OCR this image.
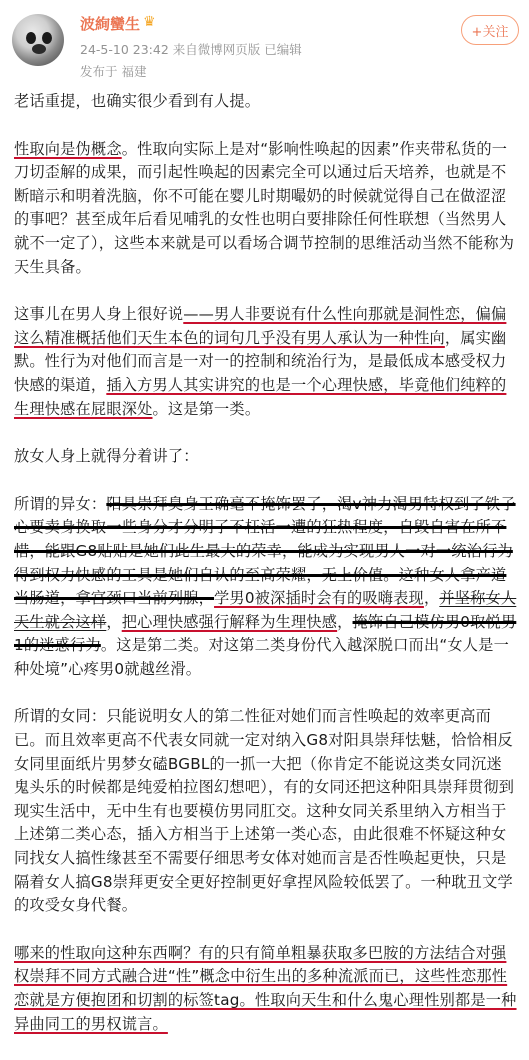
波絢蠻生 ♛
24-5-10 23:42 来自微博网页版 已编辑
发布于 福建
+关注

老话重提，也确实很少看到有人提。

性取向是伪概念。性取向实际上是对“影响性唤起的因素”作夹带私货的一刀切歪解的成果，而引起性唤起的因素完全可以通过后天培养，也就是不断暗示和明着洗脑，你不可能在婴儿时期嘬奶的时候就觉得自己在做涩涩的事吧？甚至成年后看见哺乳的女性也明白要排除任何性联想（当然男人就不一定了），这些本来就是可以看场合调节控制的思维活动当然不能称为天生具备。

这事儿在男人身上很好说——男人非要说有什么性向那就是洞性恋，偏偏这么精准概括他们天生本色的词句几乎没有男人承认为一种性向，属实幽默。性行为对他们而言是一对一的控制和统治行为，是最低成本感受权力快感的渠道，插入方男人其实讲究的也是一个心理快感，毕竟他们纯粹的生理快感在屁眼深处。这是第一类。

放女人身上就得分着讲了：

所谓的异女：阳具崇拜臭身王确毫不掩饰罢了，渴v神力渴男特权到了铁子心要卖身换取一些身分才分明了不枉活一遭的狂热程度，自毁自害在所不惜，能跟G8贴贴是她们此生最大的荣幸，能成为实现男人一对一统治行为得到权力快感的工具是她们自认的至高荣耀，无上价值。这种女人拿产道当肠道，拿宫颈口当前列腺，学男0被深插时会有的吸嗨表现，并坚称女人天生就会这样，把心理快感强行解释为生理快感，掩饰自己模仿男0取悦男1的迷惑行为。这是第二类。对这第二类身份代入越深脱口而出“女人是一种处境”心疼男0就越丝滑。

所谓的女同：只能说明女人的第二性征对她们而言性唤起的效率更高而已。而且效率更高不代表女同就一定对纳入G8对阳具崇拜怯魅，恰恰相反女同里面纸片男梦女磕BGBL的一抓一大把（你肯定不能说这类女同沉迷鬼头乐的时候都是纯爱柏拉图幻想吧），有的女同还把这种阳具崇拜贯彻到现实生活中，无中生有也要模仿男同肛交。这种女同关系里纳入方相当于上述第二类心态，插入方相当于上述第一类心态，由此很难不怀疑这种女同找女人搞性缘甚至不需要仔细思考女体对她而言是否性唤起更快，只是隔着女人搞G8崇拜更安全更好控制更好拿捏风险较低罢了。一种耽丑文学的攻受女身代餐。

哪来的性取向这种东西啊？有的只有简单粗暴获取多巴胺的方法结合对强权崇拜不同方式融合进“性”概念中衍生出的多种流派而已，这些性恋那性恋就是方便抱团和切割的标签tag。性取向天生和什么鬼心理性别都是一种异曲同工的男权谎言。
